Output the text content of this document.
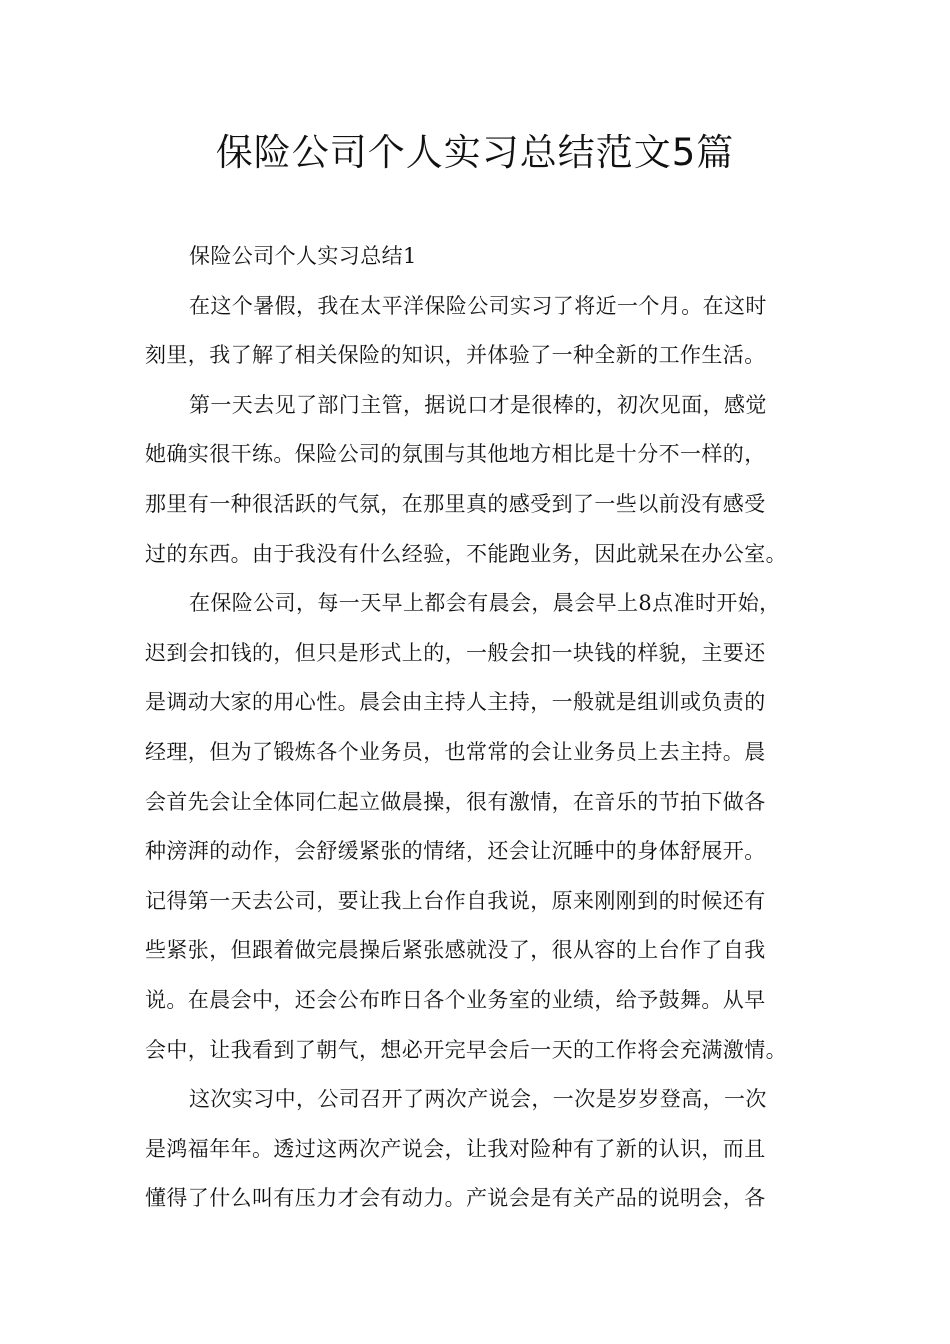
保险公司个人实习总结范文5篇
保险公司个人实习总结1
在这个暑假，我在太平洋保险公司实习了将近一个月。在这时
刻里，我了解了相关保险的知识，并体验了一种全新的工作生活。
第一天去见了部门主管，据说口才是很棒的，初次见面，感觉
她确实很干练。保险公司的氛围与其他地方相比是十分不一样的，
那里有一种很活跃的气氛，在那里真的感受到了一些以前没有感受
过的东西。由于我没有什么经验，不能跑业务，因此就呆在办公室。
在保险公司，每一天早上都会有晨会，晨会早上8点准时开始，
迟到会扣钱的，但只是形式上的，一般会扣一块钱的样貌，主要还
是调动大家的用心性。晨会由主持人主持，一般就是组训或负责的
经理，但为了锻炼各个业务员，也常常的会让业务员上去主持。晨
会首先会让全体同仁起立做晨操，很有激情，在音乐的节拍下做各
种滂湃的动作，会舒缓紧张的情绪，还会让沉睡中的身体舒展开。
记得第一天去公司，要让我上台作自我说，原来刚刚到的时候还有
些紧张，但跟着做完晨操后紧张感就没了，很从容的上台作了自我
说。在晨会中，还会公布昨日各个业务室的业绩，给予鼓舞。从早
会中，让我看到了朝气，想必开完早会后一天的工作将会充满激情。
这次实习中，公司召开了两次产说会，一次是岁岁登高，一次
是鸿福年年。透过这两次产说会，让我对险种有了新的认识，而且
懂得了什么叫有压力才会有动力。产说会是有关产品的说明会，各
